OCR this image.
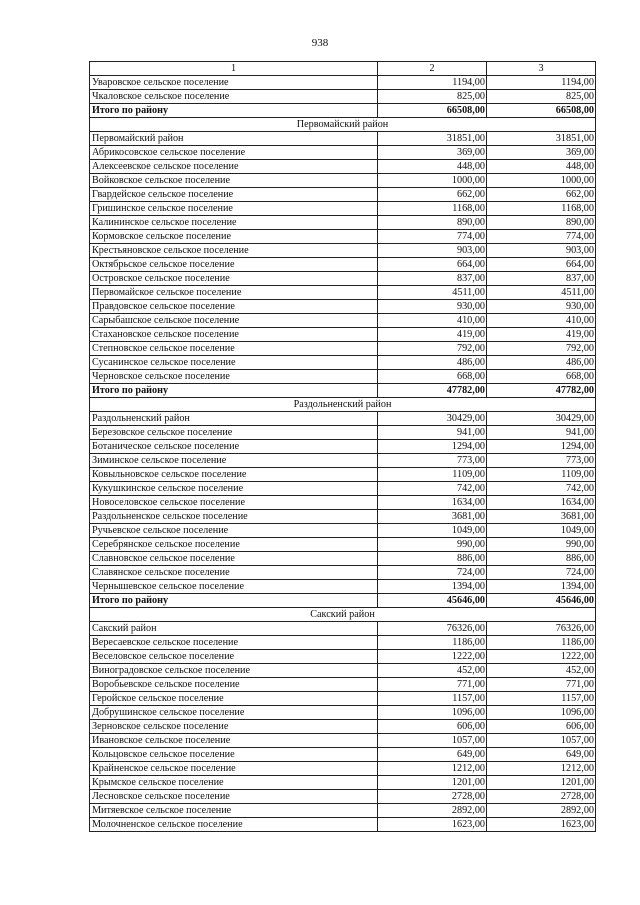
938
1	2	3
Уваровское сельское поселение	1194,00	1194,00
Чкаловское сельское поселение	825,00	825,00
Итого по району	66508,00	66508,00
Первомайский район		
Первомайский район	31851,00	31851,00
Абрикосовское сельское поселение	369,00	369,00
Алексеевское сельское поселение	448,00	448,00
Войковское сельское поселение	1000,00	1000,00
Гвардейское сельское поселение	662,00	662,00
Гришинское сельское поселение	1168,00	1168,00
Калининское сельское поселение	890,00	890,00
Кормовское сельское поселение	774,00	774,00
Крестьяновское сельское поселение	903,00	903,00
Октябрьское сельское поселение	664,00	664,00
Островское сельское поселение	837,00	837,00
Первомайское сельское поселение	4511,00	4511,00
Правдовское сельское поселение	930,00	930,00
Сарыбашское сельское поселение	410,00	410,00
Стахановское сельское поселение	419,00	419,00
Степновское сельское поселение	792,00	792,00
Сусанинское сельское поселение	486,00	486,00
Черновское сельское поселение	668,00	668,00
Итого по району	47782,00	47782,00
Раздольненский район		
Раздольненский район	30429,00	30429,00
Березовское сельское поселение	941,00	941,00
Ботаническое сельское поселение	1294,00	1294,00
Зиминское сельское поселение	773,00	773,00
Ковыльновское сельское поселение	1109,00	1109,00
Кукушкинское сельское поселение	742,00	742,00
Новоселовское сельское поселение	1634,00	1634,00
Раздольненское сельское поселение	3681,00	3681,00
Ручьевское сельское поселение	1049,00	1049,00
Серебрянское сельское поселение	990,00	990,00
Славновское сельское поселение	886,00	886,00
Славянское сельское поселение	724,00	724,00
Чернышевское сельское поселение	1394,00	1394,00
Итого по району	45646,00	45646,00
Сакский район		
Сакский район	76326,00	76326,00
Вересаевское сельское поселение	1186,00	1186,00
Веселовское сельское поселение	1222,00	1222,00
Виноградовское сельское поселение	452,00	452,00
Воробьевское сельское поселение	771,00	771,00
Геройское сельское поселение	1157,00	1157,00
Добрушинское сельское поселение	1096,00	1096,00
Зерновское сельское поселение	606,00	606,00
Ивановское сельское поселение	1057,00	1057,00
Кольцовское сельское поселение	649,00	649,00
Крайненское сельское поселение	1212,00	1212,00
Крымское сельское поселение	1201,00	1201,00
Лесновское сельское поселение	2728,00	2728,00
Митяевское сельское поселение	2892,00	2892,00
Молочненское сельское поселение	1623,00	1623,00
